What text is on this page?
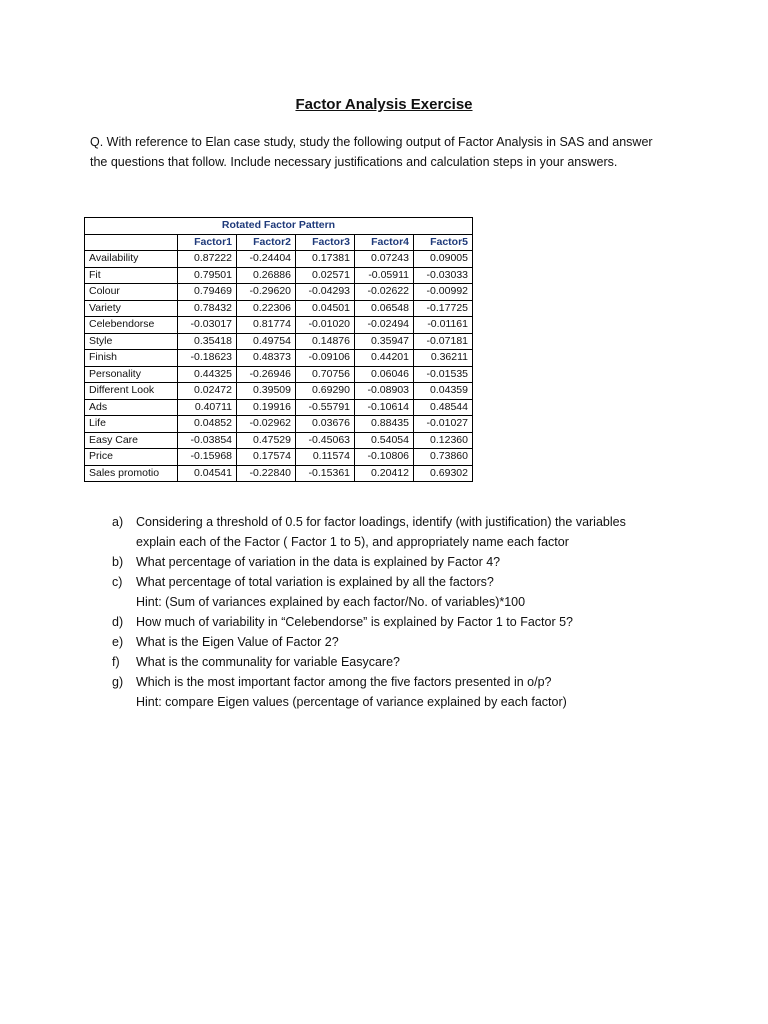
Factor Analysis Exercise
Q. With reference to Elan case study, study the following output of Factor Analysis in SAS and answer
the questions that follow. Include necessary justifications and calculation steps in your answers.
Rotated Factor Pattern					
	Factor1	Factor2	Factor3	Factor4	Factor5
Availability	0.87222	-0.24404	0.17381	0.07243	0.09005
Fit	0.79501	0.26886	0.02571	-0.05911	-0.03033
Colour	0.79469	-0.29620	-0.04293	-0.02622	-0.00992
Variety	0.78432	0.22306	0.04501	0.06548	-0.17725
Celebendorse	-0.03017	0.81774	-0.01020	-0.02494	-0.01161
Style	0.35418	0.49754	0.14876	0.35947	-0.07181
Finish	-0.18623	0.48373	-0.09106	0.44201	0.36211
Personality	0.44325	-0.26946	0.70756	0.06046	-0.01535
Different Look	0.02472	0.39509	0.69290	-0.08903	0.04359
Ads	0.40711	0.19916	-0.55791	-0.10614	0.48544
Life	0.04852	-0.02962	0.03676	0.88435	-0.01027
Easy Care	-0.03854	0.47529	-0.45063	0.54054	0.12360
Price	-0.15968	0.17574	0.11574	-0.10806	0.73860
Sales promotio	0.04541	-0.22840	-0.15361	0.20412	0.69302
a) Considering a threshold of 0.5 for factor loadings, identify (with justification) the variables
explain each of the Factor ( Factor 1 to 5), and appropriately name each factor
b) What percentage of variation in the data is explained by Factor 4?
c) What percentage of total variation is explained by all the factors?
Hint: (Sum of variances explained by each factor/No. of variables)*100
d) How much of variability in “Celebendorse” is explained by Factor 1 to Factor 5?
e) What is the Eigen Value of Factor 2?
f) What is the communality for variable Easycare?
g) Which is the most important factor among the five factors presented in o/p?
Hint: compare Eigen values (percentage of variance explained by each factor)
